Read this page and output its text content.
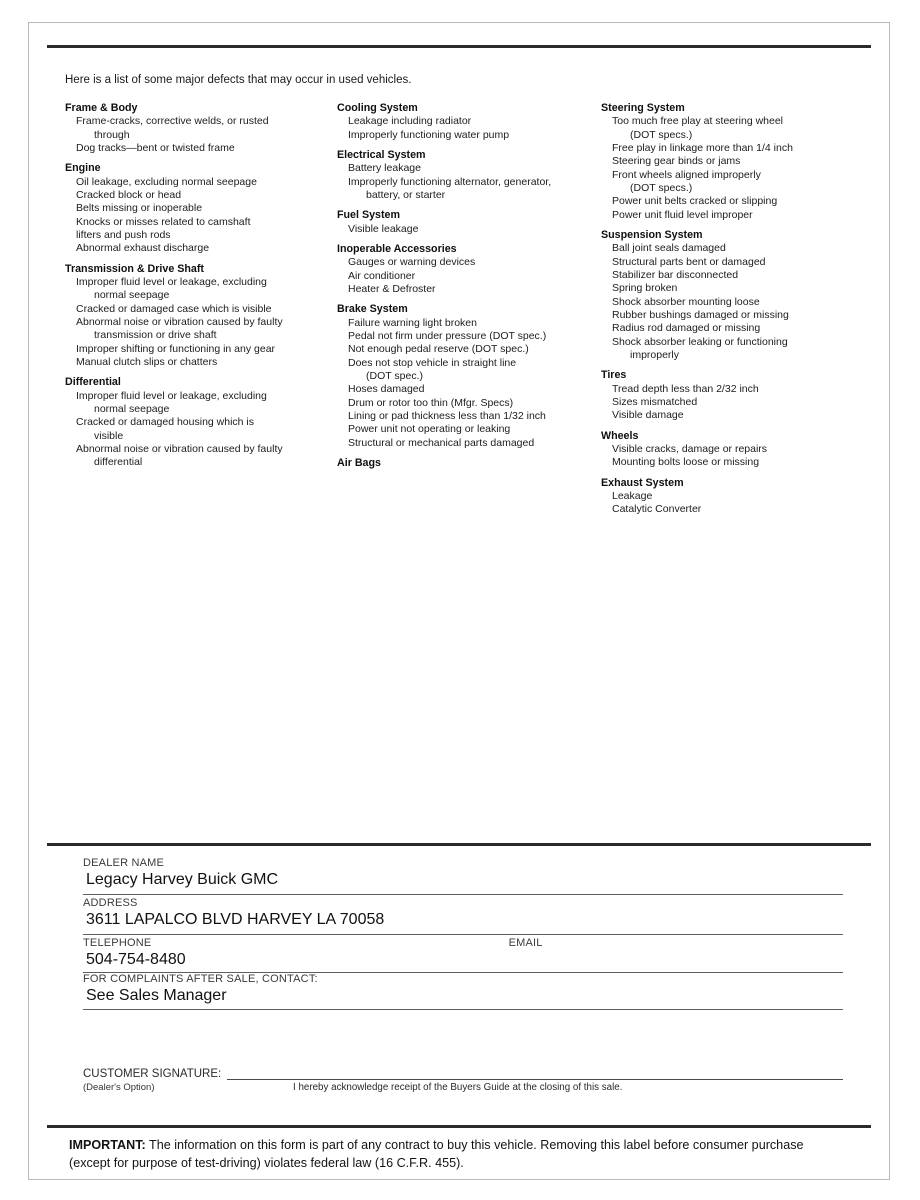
Here is a list of some major defects that may occur in used vehicles.
Frame & Body
Frame-cracks, corrective welds, or rusted
through
Dog tracks—bent or twisted frame
Engine
Oil leakage, excluding normal seepage
Cracked block or head
Belts missing or inoperable
Knocks or misses related to camshaft
lifters and push rods
Abnormal exhaust discharge
Transmission & Drive Shaft
Improper fluid level or leakage, excluding
normal seepage
Cracked or damaged case which is visible
Abnormal noise or vibration caused by faulty
transmission or drive shaft
Improper shifting or functioning in any gear
Manual clutch slips or chatters
Differential
Improper fluid level or leakage, excluding
normal seepage
Cracked or damaged housing which is
visible
Abnormal noise or vibration caused by faulty
differential
Cooling System
Leakage including radiator
Improperly functioning water pump
Electrical System
Battery leakage
Improperly functioning alternator, generator,
battery, or starter
Fuel System
Visible leakage
Inoperable Accessories
Gauges or warning devices
Air conditioner
Heater & Defroster
Brake System
Failure warning light broken
Pedal not firm under pressure (DOT spec.)
Not enough pedal reserve (DOT spec.)
Does not stop vehicle in straight line
(DOT spec.)
Hoses damaged
Drum or rotor too thin (Mfgr. Specs)
Lining or pad thickness less than 1/32 inch
Power unit not operating or leaking
Structural or mechanical parts damaged
Air Bags
Steering System
Too much free play at steering wheel
(DOT specs.)
Free play in linkage more than 1/4 inch
Steering gear binds or jams
Front wheels aligned improperly
(DOT specs.)
Power unit belts cracked or slipping
Power unit fluid level improper
Suspension System
Ball joint seals damaged
Structural parts bent or damaged
Stabilizer bar disconnected
Spring broken
Shock absorber mounting loose
Rubber bushings damaged or missing
Radius rod damaged or missing
Shock absorber leaking or functioning
improperly
Tires
Tread depth less than 2/32 inch
Sizes mismatched
Visible damage
Wheels
Visible cracks, damage or repairs
Mounting bolts loose or missing
Exhaust System
Leakage
Catalytic Converter
DEALER NAME
Legacy Harvey Buick GMC
ADDRESS
3611 LAPALCO BLVD HARVEY LA 70058
TELEPHONE
504-754-8480
EMAIL
FOR COMPLAINTS AFTER SALE, CONTACT:
See Sales Manager
CUSTOMER SIGNATURE:
(Dealer's Option)	I hereby acknowledge receipt of the Buyers Guide at the closing of this sale.
IMPORTANT: The information on this form is part of any contract to buy this vehicle. Removing this label before consumer purchase (except for purpose of test-driving) violates federal law (16 C.F.R. 455).
